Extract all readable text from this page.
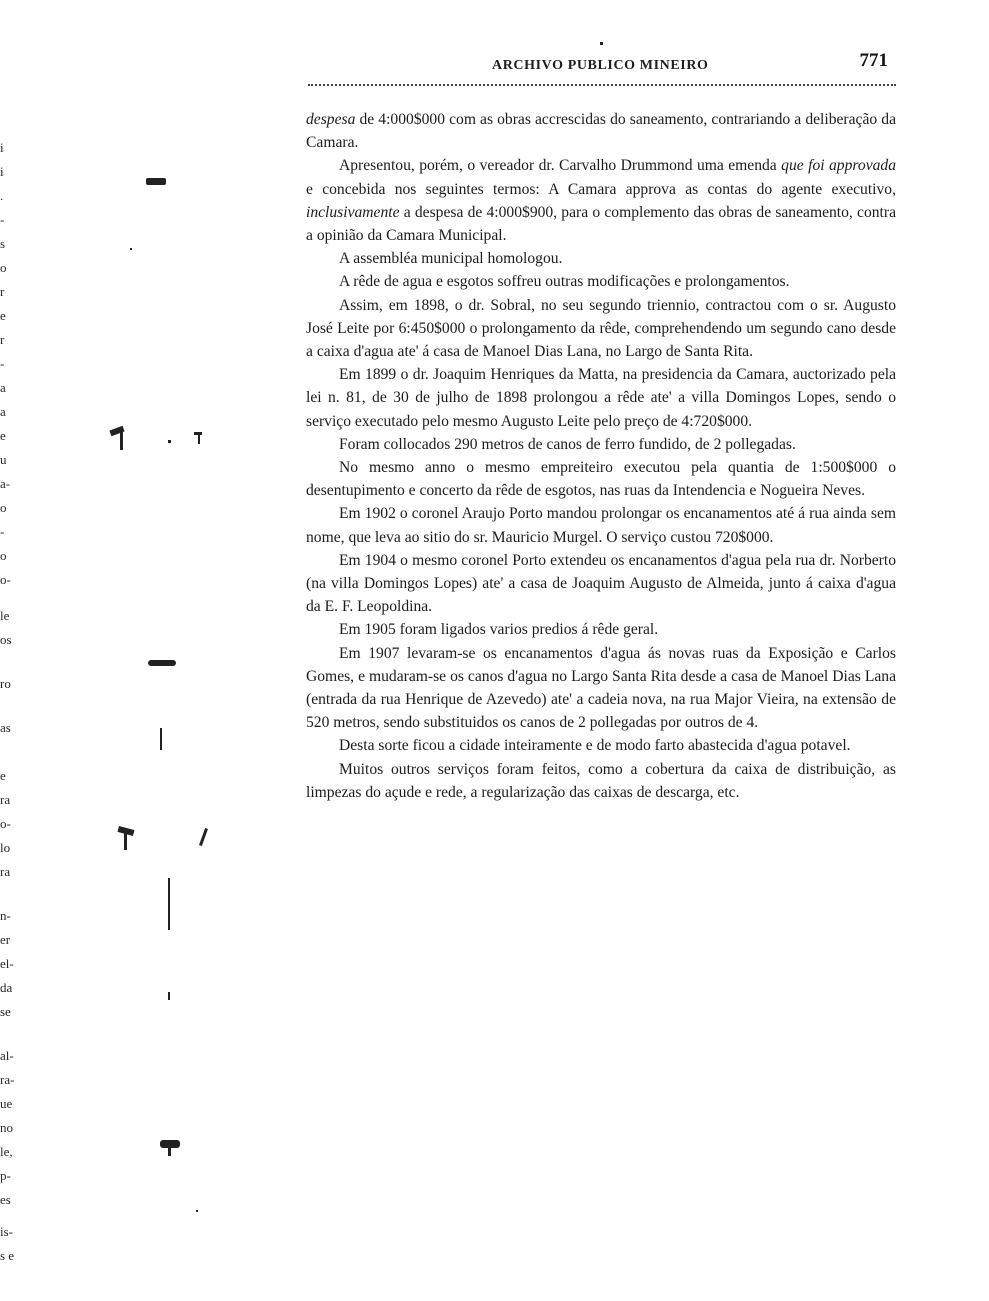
ARCHIVO PUBLICO MINEIRO	771

despesa de 4:000$000 com as obras accrescidas do saneamento, contrariando a deliberação da Camara.

Apresentou, porém, o vereador dr. Carvalho Drummond uma emenda que foi approvada e concebida nos seguintes termos: A Camara approva as contas do agente executivo, inclusivamente a despesa de 4:000$900, para o complemento das obras de saneamento, contra a opinião da Camara Municipal.

A assembléa municipal homologou.

A rêde de agua e esgotos soffreu outras modificações e prolongamentos.

Assim, em 1898, o dr. Sobral, no seu segundo triennio, contractou com o sr. Augusto José Leite por 6:450$000 o prolongamento da rêde, comprehendendo um segundo cano desde a caixa d'agua ate' á casa de Manoel Dias Lana, no Largo de Santa Rita.

Em 1899 o dr. Joaquim Henriques da Matta, na presidencia da Camara, auctorizado pela lei n. 81, de 30 de julho de 1898 prolongou a rêde ate' a villa Domingos Lopes, sendo o serviço executado pelo mesmo Augusto Leite pelo preço de 4:720$000.

Foram collocados 290 metros de canos de ferro fundido, de 2 pollegadas.

No mesmo anno o mesmo empreiteiro executou pela quantia de 1:500$000 o desentupimento e concerto da rêde de esgotos, nas ruas da Intendencia e Nogueira Neves.

Em 1902 o coronel Araujo Porto mandou prolongar os encanamentos até á rua ainda sem nome, que leva ao sitio do sr. Mauricio Murgel. O serviço custou 720$000.

Em 1904 o mesmo coronel Porto extendeu os encanamentos d'agua pela rua dr. Norberto (na villa Domingos Lopes) ate' a casa de Joaquim Augusto de Almeida, junto á caixa d'agua da E. F. Leopoldina.

Em 1905 foram ligados varios predios á rêde geral.

Em 1907 levaram-se os encanamentos d'agua ás novas ruas da Exposição e Carlos Gomes, e mudaram-se os canos d'agua no Largo Santa Rita desde a casa de Manoel Dias Lana (entrada da rua Henrique de Azevedo) ate' a cadeia nova, na rua Major Vieira, na extensão de 520 metros, sendo substituidos os canos de 2 pollegadas por outros de 4.

Desta sorte ficou a cidade inteiramente e de modo farto abastecida d'agua potavel.

Muitos outros serviços foram feitos, como a cobertura da caixa de distribuição, as limpezas do açude e rede, a regularização das caixas de descarga, etc.

i
i
.
-
s
o
r
e
r
-
a
a
e
u
a-
o
-
o
o-
le
os
ro
as
e
ra
o-
lo
ra
n-
er
el-
da
se
al-
ra-
ue
no
le,
p-
es
is-
s e
